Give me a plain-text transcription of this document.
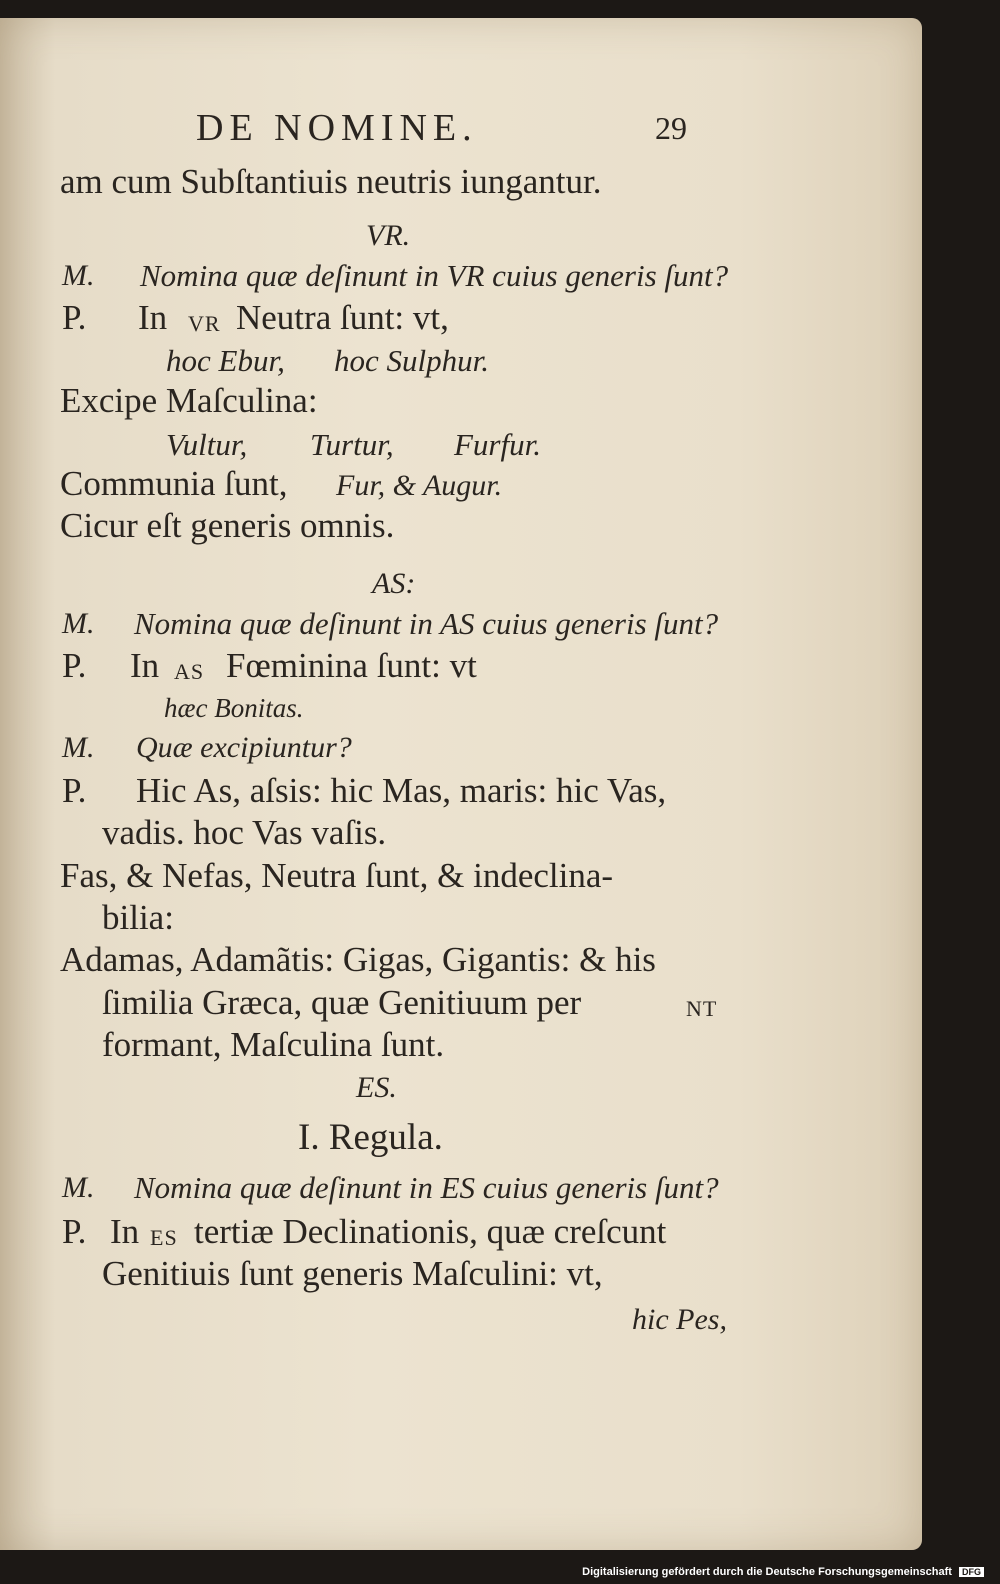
DE NOMINE.	29
am cum Subſtantiuis neutris iungantur.
VR.
M. Nomina quæ deſinunt in VR cuius generis ſunt?
P. In VR Neutra ſunt: vt,
hoc Ebur, hoc Sulphur.
Excipe Maſculina:
Vultur, Turtur, Furfur.
Communia ſunt, Fur, & Augur.
Cicur eſt generis omnis.
AS:
M. Nomina quæ deſinunt in AS cuius generis ſunt?
P. In AS Fœminina ſunt: vt
hæc Bonitas.
M. Quæ excipiuntur?
P. Hic As, aſsis: hic Mas, maris: hic Vas,
vadis. hoc Vas vaſis.
Fas, & Nefas, Neutra ſunt, & indeclina-
bilia:
Adamas, Adamãtis: Gigas, Gigantis: & his
ſimilia Græca, quæ Genitiuum per	NT
formant, Maſculina ſunt.
ES.
I. Regula.
M. Nomina quæ deſinunt in ES cuius generis ſunt?
P. In ES tertiæ Declinationis, quæ creſcunt
Genitiuis ſunt generis Maſculini: vt,
hic Pes,
Digitalisierung gefördert durch die Deutsche Forschungsgemeinschaft DFG
